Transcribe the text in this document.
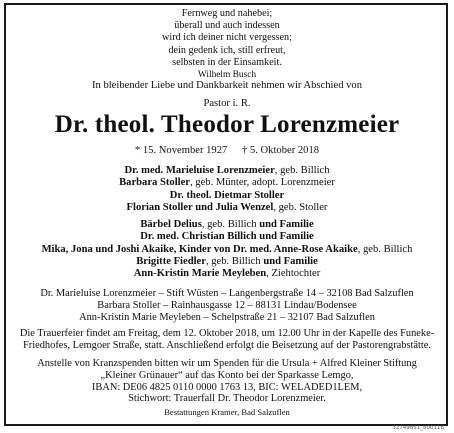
Fernweg und nahebei;
überall und auch indessen
wird ich deiner nicht vergessen;
dein gedenk ich, still erfreut,
selbsten in der Einsamkeit.
Wilhelm Busch
In bleibender Liebe und Dankbarkeit nehmen wir Abschied von
Pastor i. R.
Dr. theol. Theodor Lorenzmeier
* 15. November 1927 † 5. Oktober 2018
Dr. med. Marieluise Lorenzmeier, geb. Billich
Barbara Stoller, geb. Münter, adopt. Lorenzmeier
Dr. theol. Dietmar Stoller
Florian Stoller und Julia Wenzel, geb. Stoller
Bärbel Delius, geb. Billich und Familie
Dr. med. Christian Billich und Familie
Mika, Jona und Joshi Akaike, Kinder von Dr. med. Anne-Rose Akaike, geb. Billich
Brigitte Fiedler, geb. Billich und Familie
Ann-Kristin Marie Meyleben, Ziehtochter
Dr. Marieluise Lorenzmeier – Stift Wüsten – Langenbergstraße 14 – 32108 Bad Salzuflen
Barbara Stoller – Rainhausgasse 12 – 88131 Lindau/Bodensee
Ann-Kristin Marie Meyleben – Schelpstraße 21 – 32107 Bad Salzuflen
Die Trauerfeier findet am Freitag, dem 12. Oktober 2018, um 12.00 Uhr in der Kapelle des Funeke-Friedhofes, Lemgoer Straße, statt. Anschließend erfolgt die Beisetzung auf der Pastorengrabstätte.
Anstelle von Kranzspenden bitten wir um Spenden für die Ursula + Alfred Kleiner Stiftung
„Kleiner Grünauer“ auf das Konto bei der Sparkasse Lemgo,
IBAN: DE06 4825 0110 0000 1763 13, BIC: WELADED1LEM,
Stichwort: Trauerfall Dr. Theodor Lorenzmeier.
Bestattungen Kramer, Bad Salzuflen
32749851_800116
